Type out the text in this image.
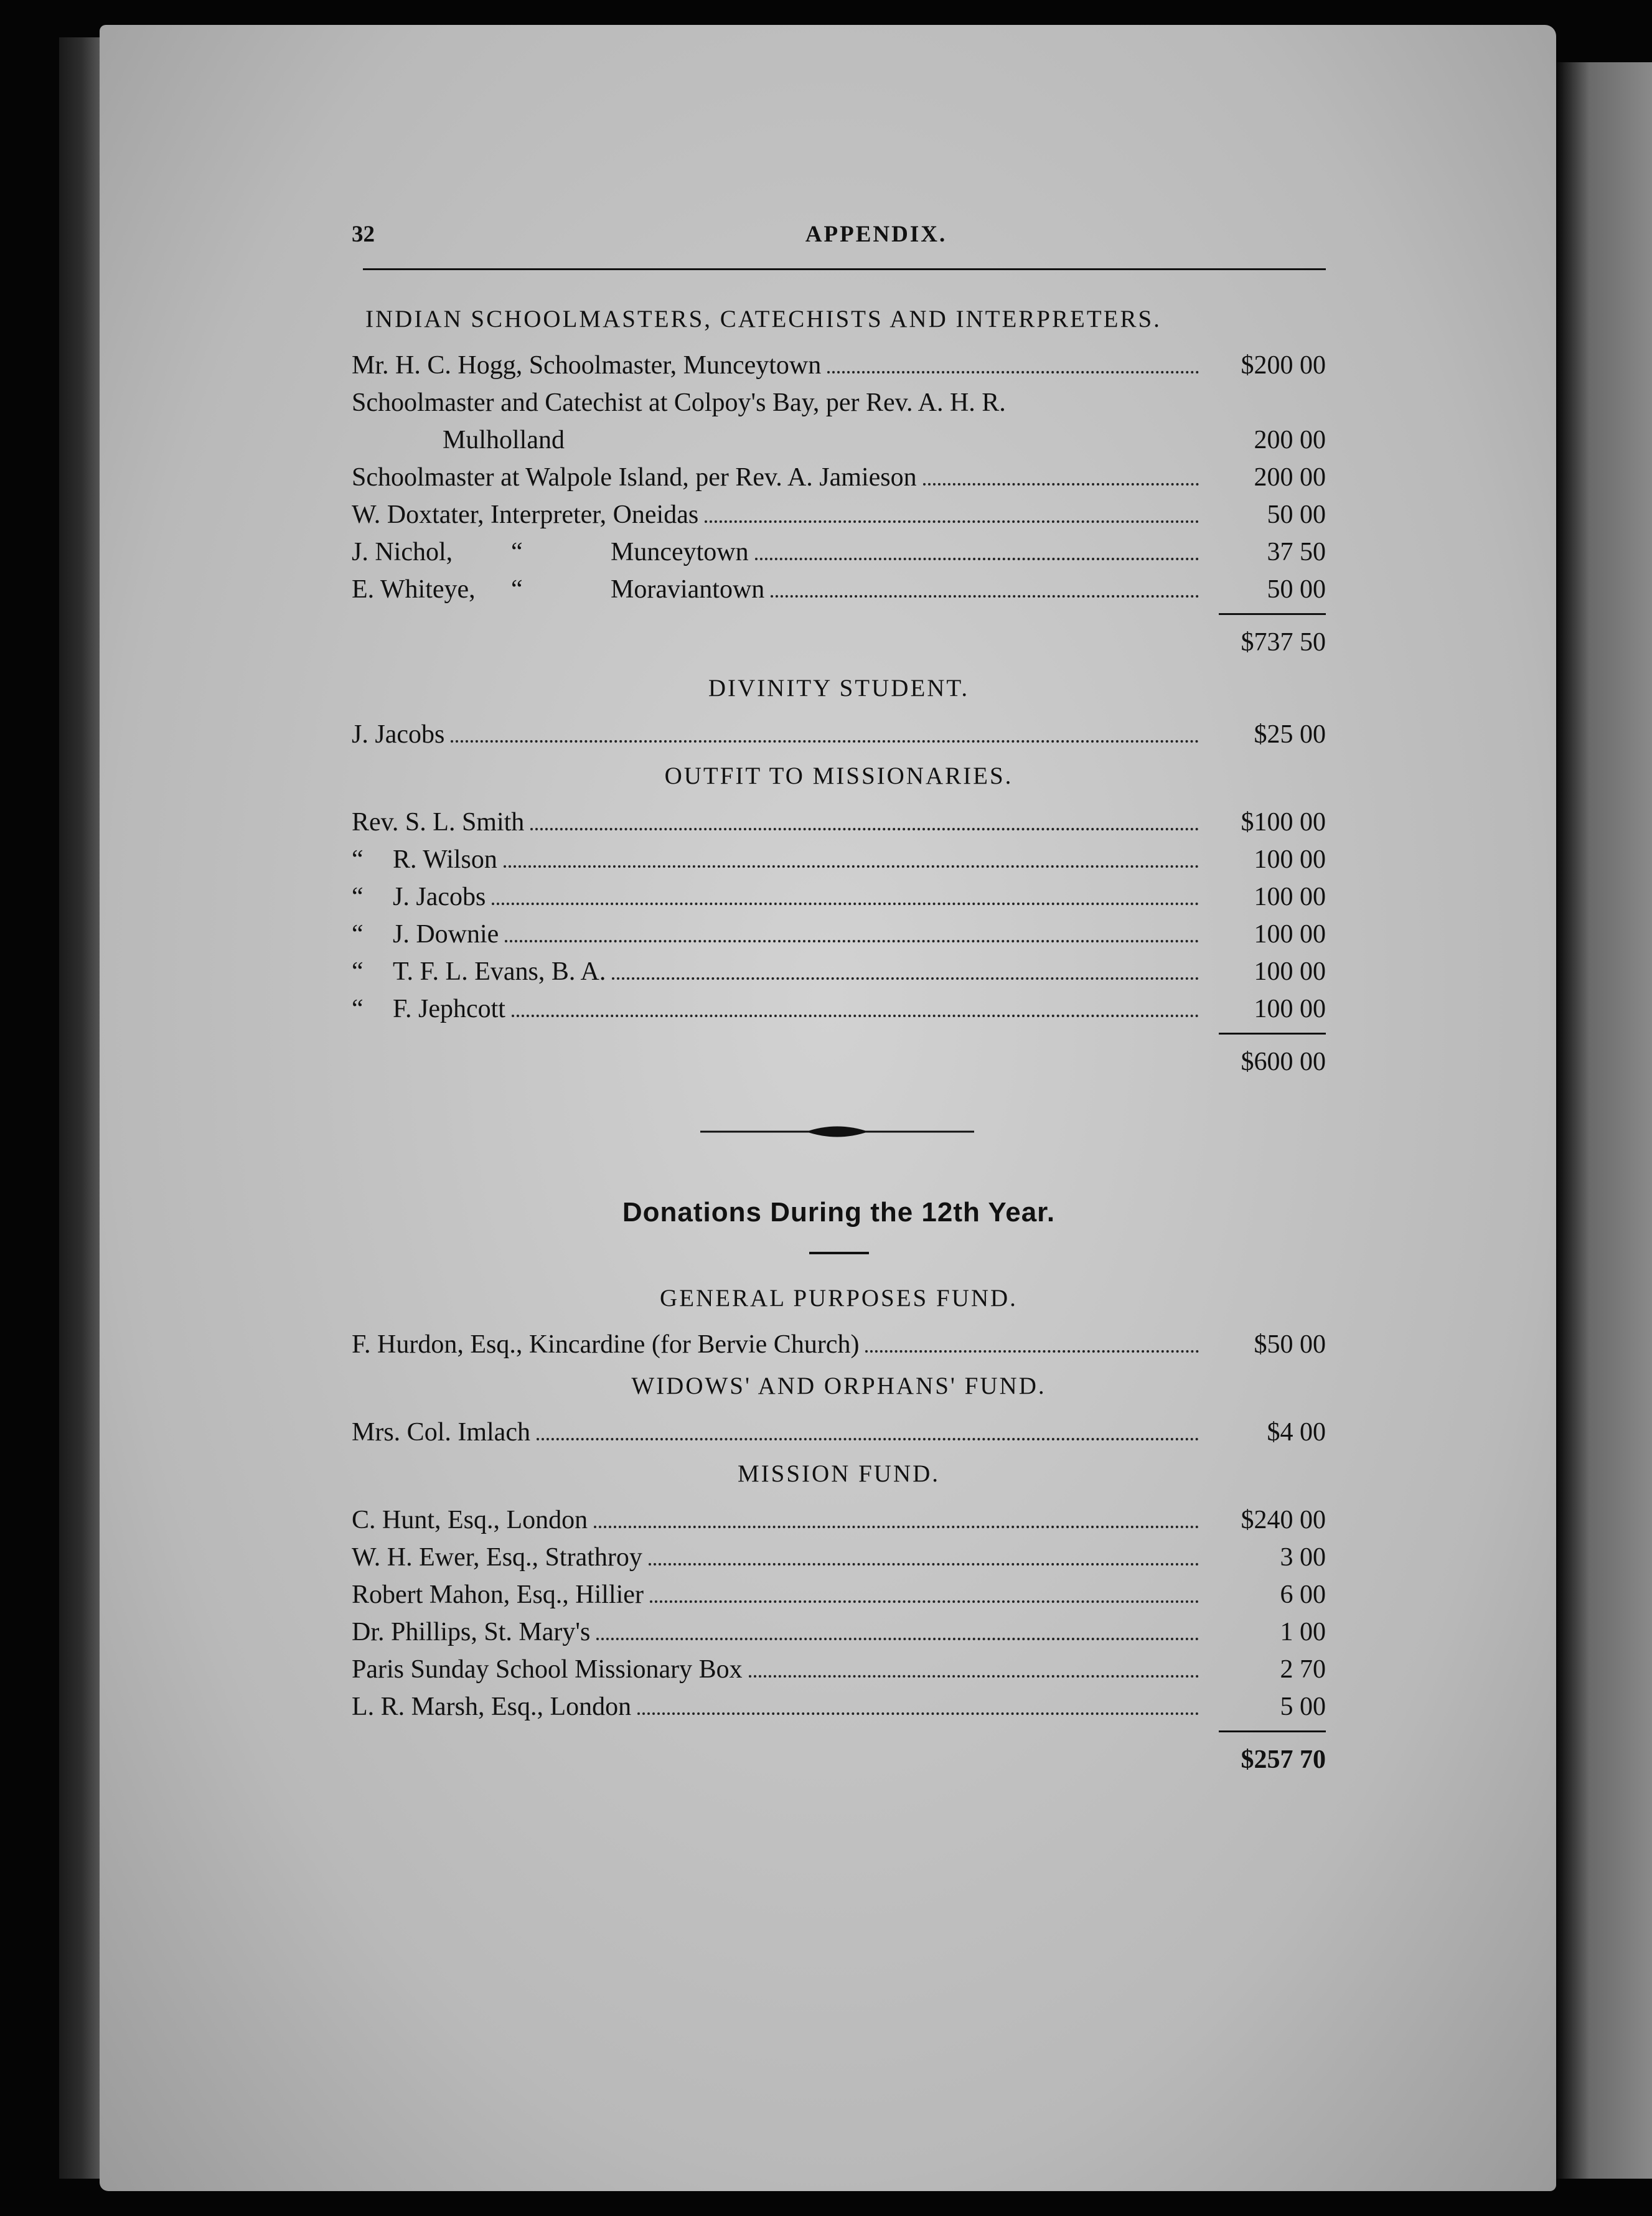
32	APPENDIX.
INDIAN SCHOOLMASTERS, CATECHISTS AND INTERPRETERS.
Mr. H. C. Hogg, Schoolmaster, Munceytown	$200 00
Schoolmaster and Catechist at Colpoy's Bay, per Rev. A. H. R.
Mulholland	200 00
Schoolmaster at Walpole Island, per Rev. A. Jamieson	200 00
W. Doxtater, Interpreter, Oneidas	50 00
J. Nichol,	“	Munceytown	37 50
E. Whiteye,	“	Moraviantown	50 00
$737 50
DIVINITY STUDENT.
J. Jacobs	$25 00
OUTFIT TO MISSIONARIES.
Rev. S. L. Smith	$100 00
“	R. Wilson	100 00
“	J. Jacobs	100 00
“	J. Downie	100 00
“	T. F. L. Evans, B. A.	100 00
“	F. Jephcott	100 00
$600 00
Donations During the 12th Year.
GENERAL PURPOSES FUND.
F. Hurdon, Esq., Kincardine (for Bervie Church)	$50 00
WIDOWS' AND ORPHANS' FUND.
Mrs. Col. Imlach	$4 00
MISSION FUND.
C. Hunt, Esq., London	$240 00
W. H. Ewer, Esq., Strathroy	3 00
Robert Mahon, Esq., Hillier	6 00
Dr. Phillips, St. Mary's	1 00
Paris Sunday School Missionary Box	2 70
L. R. Marsh, Esq., London	5 00
$257 70
